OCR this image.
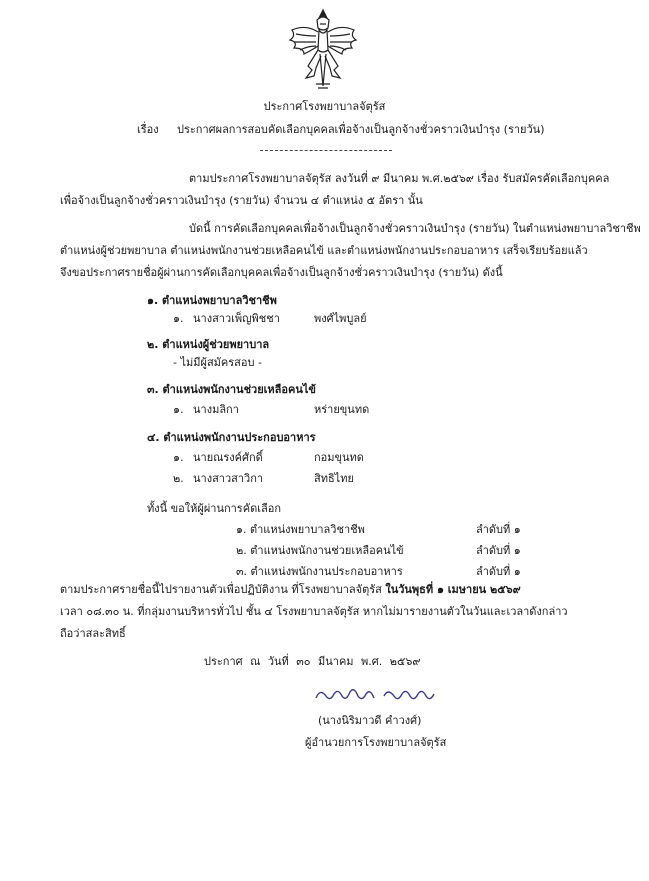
ประกาศโรงพยาบาลจัตุรัส
เรื่อง ประกาศผลการสอบคัดเลือกบุคคลเพื่อจ้างเป็นลูกจ้างชั่วคราวเงินบำรุง (รายวัน)
ตามประกาศโรงพยาบาลจัตุรัส ลงวันที่ ๙ มีนาคม พ.ศ.๒๕๖๙ เรื่อง รับสมัครคัดเลือกบุคคล
เพื่อจ้างเป็นลูกจ้างชั่วคราวเงินบำรุง (รายวัน) จำนวน ๔ ตำแหน่ง ๕ อัตรา นั้น
บัดนี้ การคัดเลือกบุคคลเพื่อจ้างเป็นลูกจ้างชั่วคราวเงินบำรุง (รายวัน) ในตำแหน่งพยาบาลวิชาชีพ
ตำแหน่งผู้ช่วยพยาบาล ตำแหน่งพนักงานช่วยเหลือคนไข้ และตำแหน่งพนักงานประกอบอาหาร เสร็จเรียบร้อยแล้ว
จึงขอประกาศรายชื่อผู้ผ่านการคัดเลือกบุคคลเพื่อจ้างเป็นลูกจ้างชั่วคราวเงินบำรุง (รายวัน) ดังนี้
๑. ตำแหน่งพยาบาลวิชาชีพ
๑. นางสาวเพ็ญพิชชา	พงศ์ไพบูลย์
๒. ตำแหน่งผู้ช่วยพยาบาล
- ไม่มีผู้สมัครสอบ -
๓. ตำแหน่งพนักงานช่วยเหลือคนไข้
๑. นางมลิกา	หร่ายขุนทด
๔. ตำแหน่งพนักงานประกอบอาหาร
๑. นายณรงค์ศักดิ์	กอมขุนทด
๒. นางสาวสาวิกา	สิทธิไทย
ทั้งนี้ ขอให้ผู้ผ่านการคัดเลือก
๑. ตำแหน่งพยาบาลวิชาชีพ	ลำดับที่ ๑
๒. ตำแหน่งพนักงานช่วยเหลือคนไข้	ลำดับที่ ๑
๓. ตำแหน่งพนักงานประกอบอาหาร	ลำดับที่ ๑
ตามประกาศรายชื่อนี้ไปรายงานตัวเพื่อปฏิบัติงาน ที่โรงพยาบาลจัตุรัส ในวันพุธที่ ๑ เมษายน ๒๕๖๙
เวลา ๐๘.๓๐ น. ที่กลุ่มงานบริหารทั่วไป ชั้น ๔ โรงพยาบาลจัตุรัส หากไม่มารายงานตัวในวันและเวลาดังกล่าว
ถือว่าสละสิทธิ์
ประกาศ ณ วันที่ ๓๐ มีนาคม พ.ศ. ๒๕๖๙
(นางนิริมาวดี คำวงศ์)
ผู้อำนวยการโรงพยาบาลจัตุรัส
